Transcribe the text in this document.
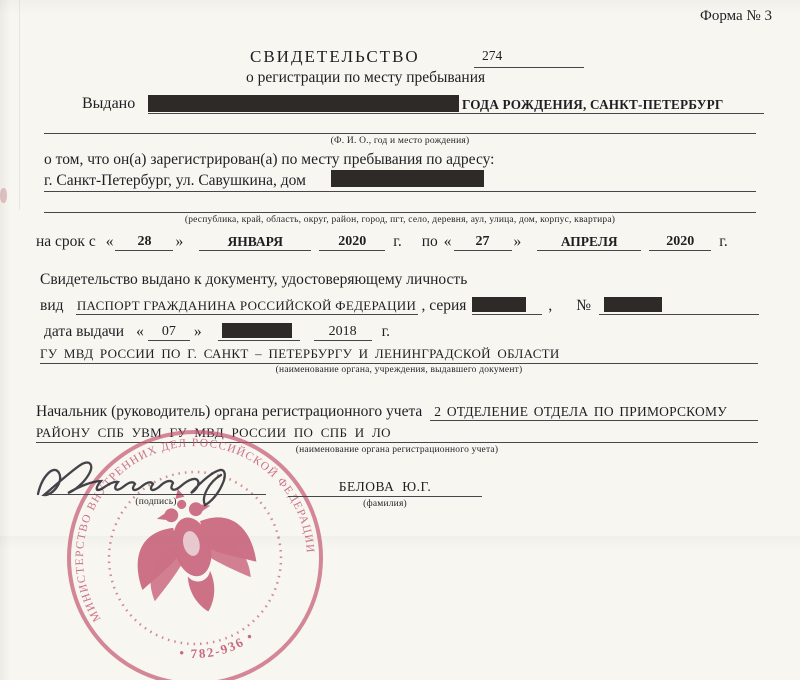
Форма № 3
СВИДЕТЕЛЬСТВО	274
о регистрации по месту пребывания
Выдано	ГОДА РОЖДЕНИЯ, САНКТ-ПЕТЕРБУРГ
(Ф. И. О., год и место рождения)
о том, что он(а) зарегистрирован(а) по месту пребывания по адресу:
г. Санкт-Петербург, ул. Савушкина, дом
(республика, край, область, округ, район, город, пгт, село, деревня, аул, улица, дом, корпус, квартира)
на срок с «	28	»	ЯНВАРЯ	2020	г. по «	27	»	АПРЕЛЯ	2020	г.
Свидетельство выдано к документу, удостоверяющему личность
вид ПАСПОРТ ГРАЖДАНИНА РОССИЙСКОЙ ФЕДЕРАЦИИ , серия	, №
дата выдачи «	07	»	2018	г.
ГУ МВД РОССИИ ПО Г. САНКТ – ПЕТЕРБУРГУ И ЛЕНИНГРАДСКОЙ ОБЛАСТИ
(наименование органа, учреждения, выдавшего документ)
Начальник (руководитель) органа регистрационного учета 2 ОТДЕЛЕНИЕ ОТДЕЛА ПО ПРИМОРСКОМУ
РАЙОНУ СПБ УВМ ГУ МВД РОССИИ ПО СПБ И ЛО
(наименование органа регистрационного учета)
МИНИСТЕРСТВО ВНУТРЕННИХ ДЕЛ РОССИЙСКОЙ ФЕДЕРАЦИИ
• 782-936 •
(подпись)
БЕЛОВА Ю.Г.
(фамилия)
